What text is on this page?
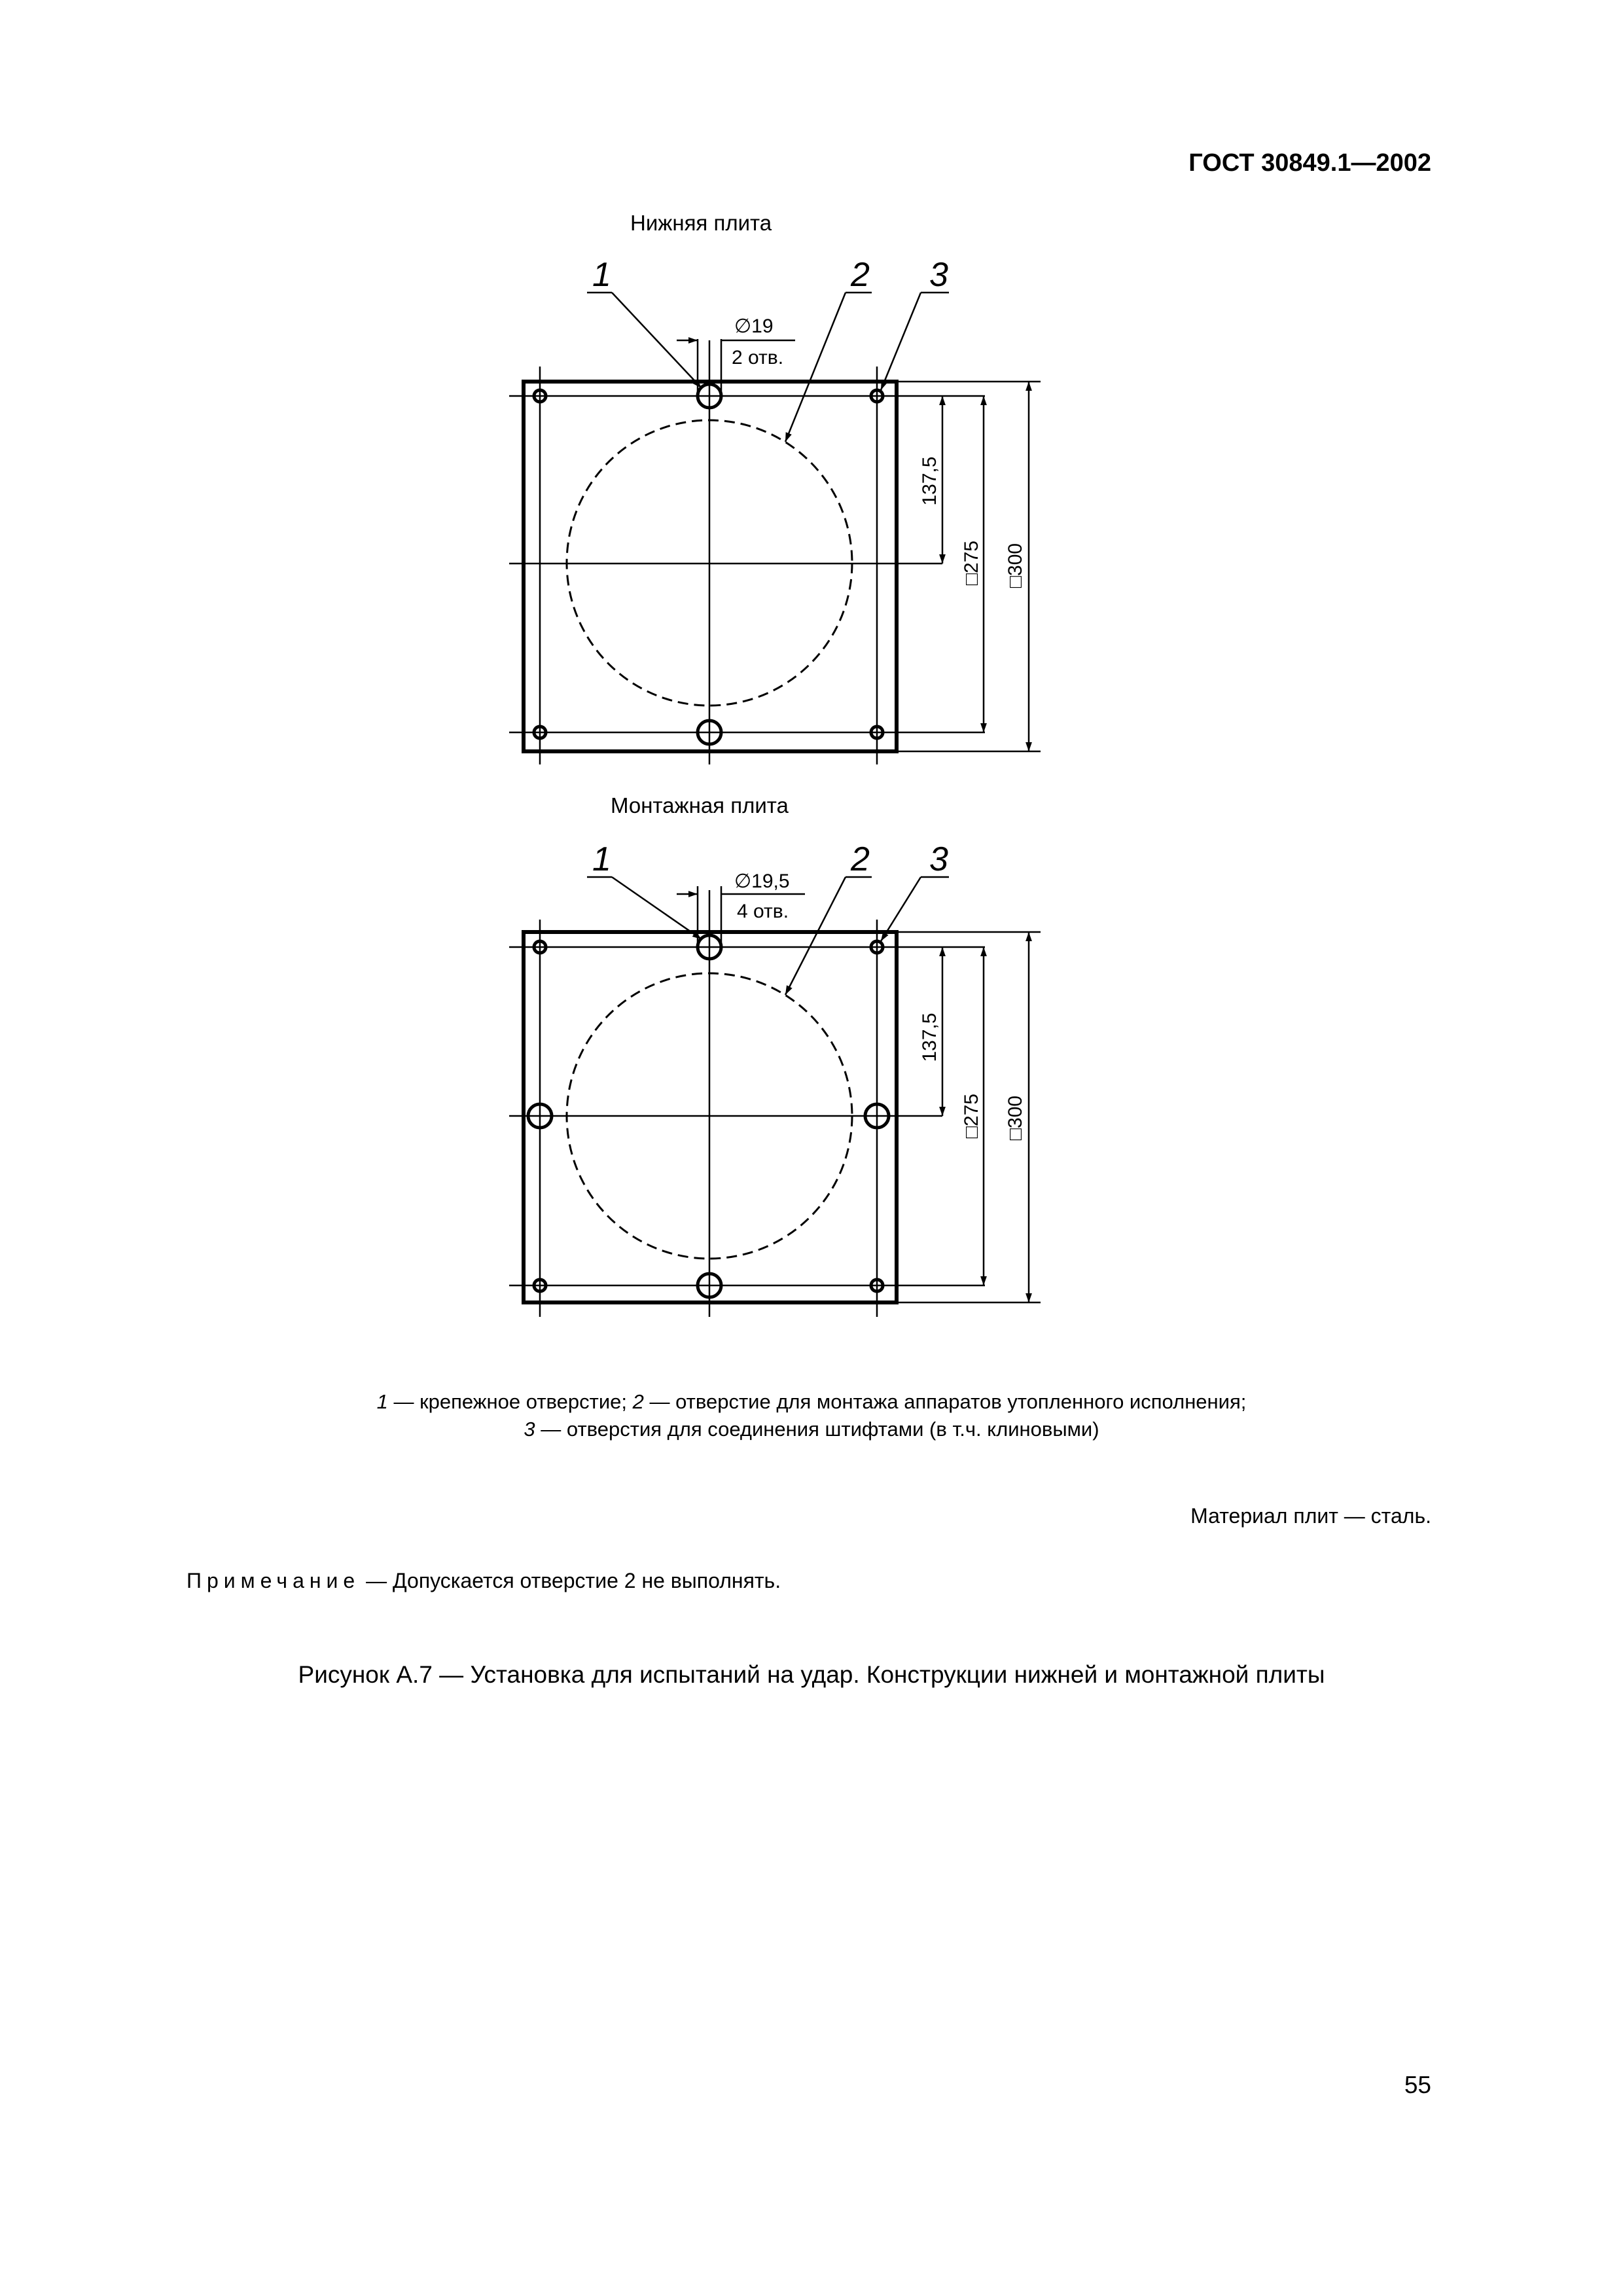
ГОСТ 30849.1—2002
Нижняя плита
Монтажная плита
∅19
2 отв.
1	2 3
137,5
□275 □300
∅19,5
4 отв.
1	2 3
137,5
□275 □300
1 — крепежное отверстие; 2 — отверстие для монтажа аппаратов утопленного исполнения;
3 — отверстия для соединения штифтами (в т.ч. клиновыми)
Материал плит — сталь.
Примечание — Допускается отверстие 2 не выполнять.
Рисунок А.7 — Установка для испытаний на удар. Конструкции нижней и монтажной плиты
55
